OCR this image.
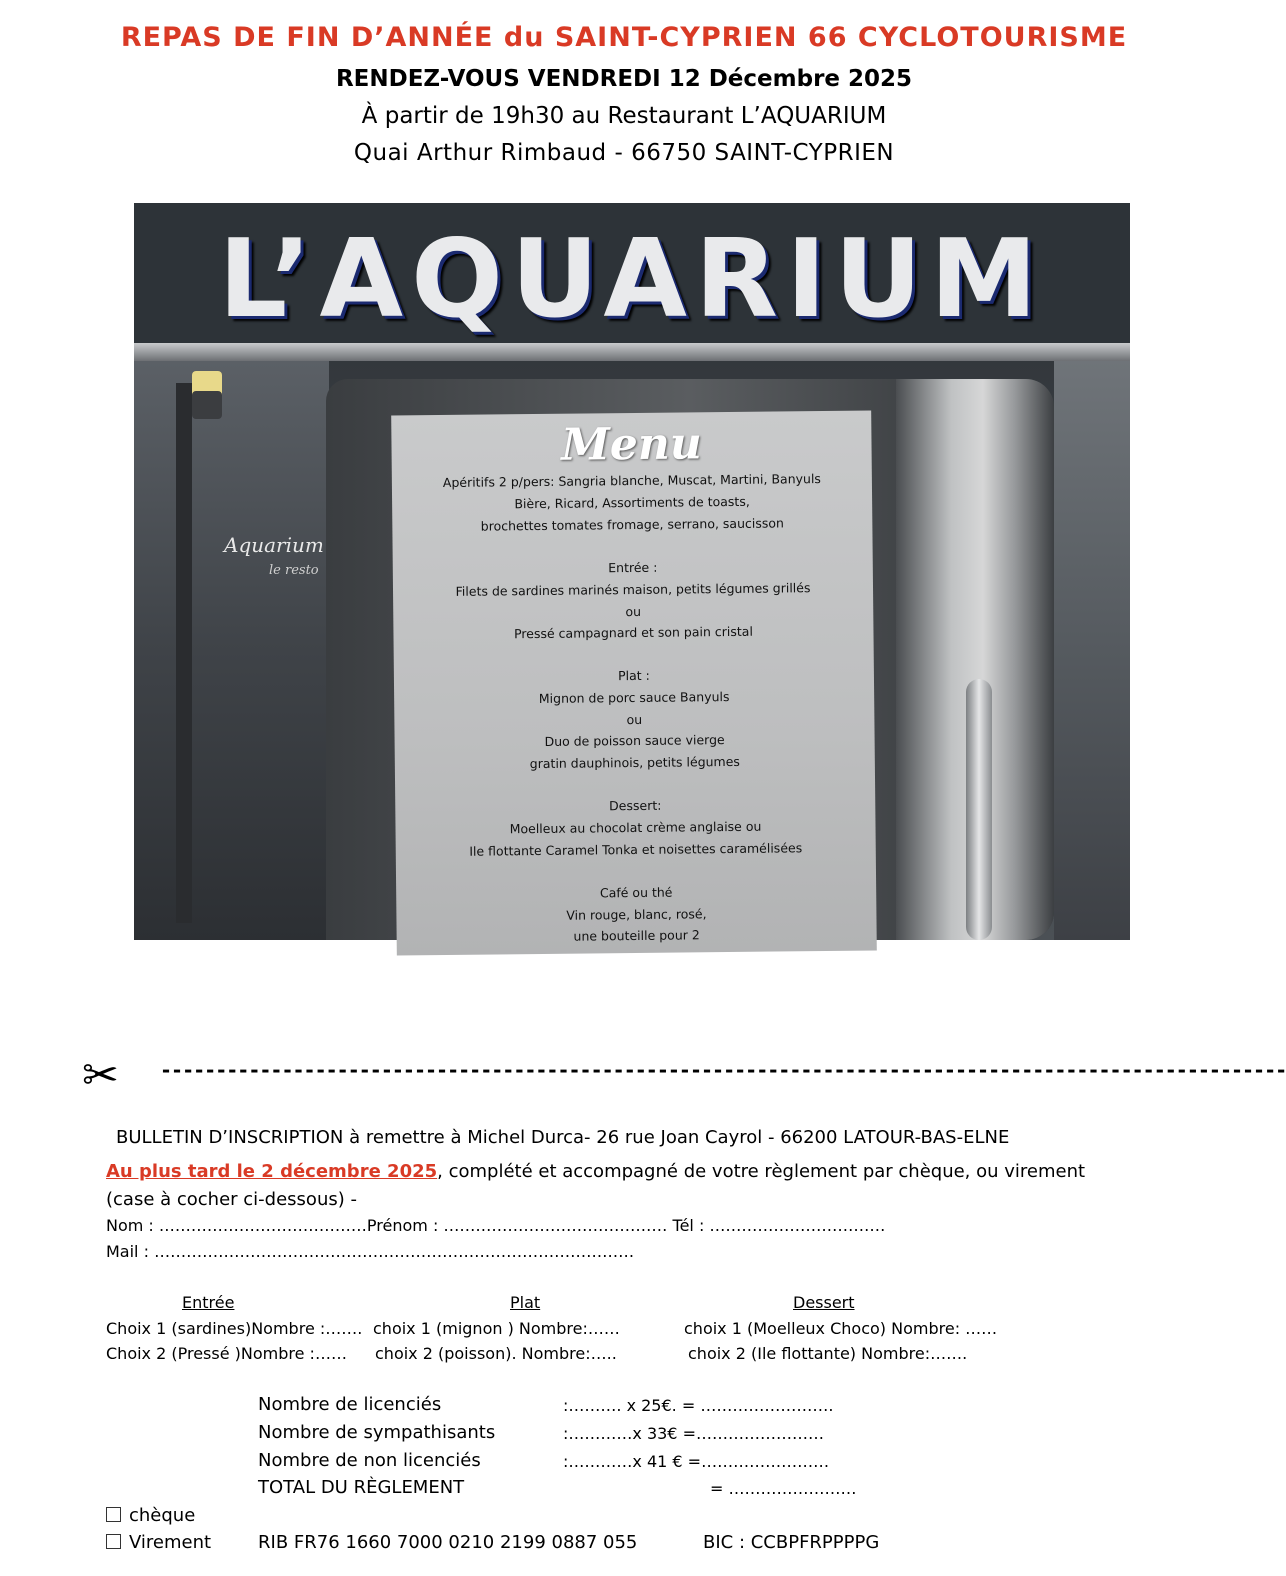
REPAS DE FIN D’ANNÉE du SAINT-CYPRIEN 66 CYCLOTOURISME
RENDEZ-VOUS VENDREDI 12 Décembre 2025
À partir de 19h30 au Restaurant L’AQUARIUM
Quai Arthur Rimbaud - 66750 SAINT-CYPRIEN
L’AQUARIUM
Aquarium
le resto
Menu
Apéritifs 2 p/pers: Sangria blanche, Muscat, Martini, Banyuls
Bière, Ricard, Assortiments de toasts,
brochettes tomates fromage, serrano, saucisson
Entrée :
Filets de sardines marinés maison, petits légumes grillés
ou
Pressé campagnard et son pain cristal
Plat :
Mignon de porc sauce Banyuls
ou
Duo de poisson sauce vierge
gratin dauphinois, petits légumes
Dessert:
Moelleux au chocolat crème anglaise ou
Ile flottante Caramel Tonka et noisettes caramélisées
Café ou thé
Vin rouge, blanc, rosé,
une bouteille pour 2
✂ ------------------------------------------------------------------------------------------------------
BULLETIN D’INSCRIPTION à remettre à Michel Durca- 26 rue Joan Cayrol - 66200 LATOUR-BAS-ELNE
Au plus tard le 2 décembre 2025, complété et accompagné de votre règlement par chèque, ou virement
(case à cocher ci-dessous) -
Nom : …………………………………Prénom : …………………………………… Tél : ……………………………
Mail : ………………………………………………………………………………
Entrée	Plat	Dessert
Choix 1 (sardines)Nombre :……. choix 1 (mignon ) Nombre:……	choix 1 (Moelleux Choco) Nombre: ……
Choix 2 (Pressé )Nombre :…… choix 2 (poisson). Nombre:…..	choix 2 (Ile flottante) Nombre:…….
Nombre de licenciés	:………. x 25€. = …………………….
Nombre de sympathisants	:…………x 33€ =……………………
Nombre de non licenciés	:…………x 41 € =……………………
TOTAL DU RÈGLEMENT	= ……………………
chèque
Virement	RIB FR76 1660 7000 0210 2199 0887 055	BIC : CCBPFRPPPPG
